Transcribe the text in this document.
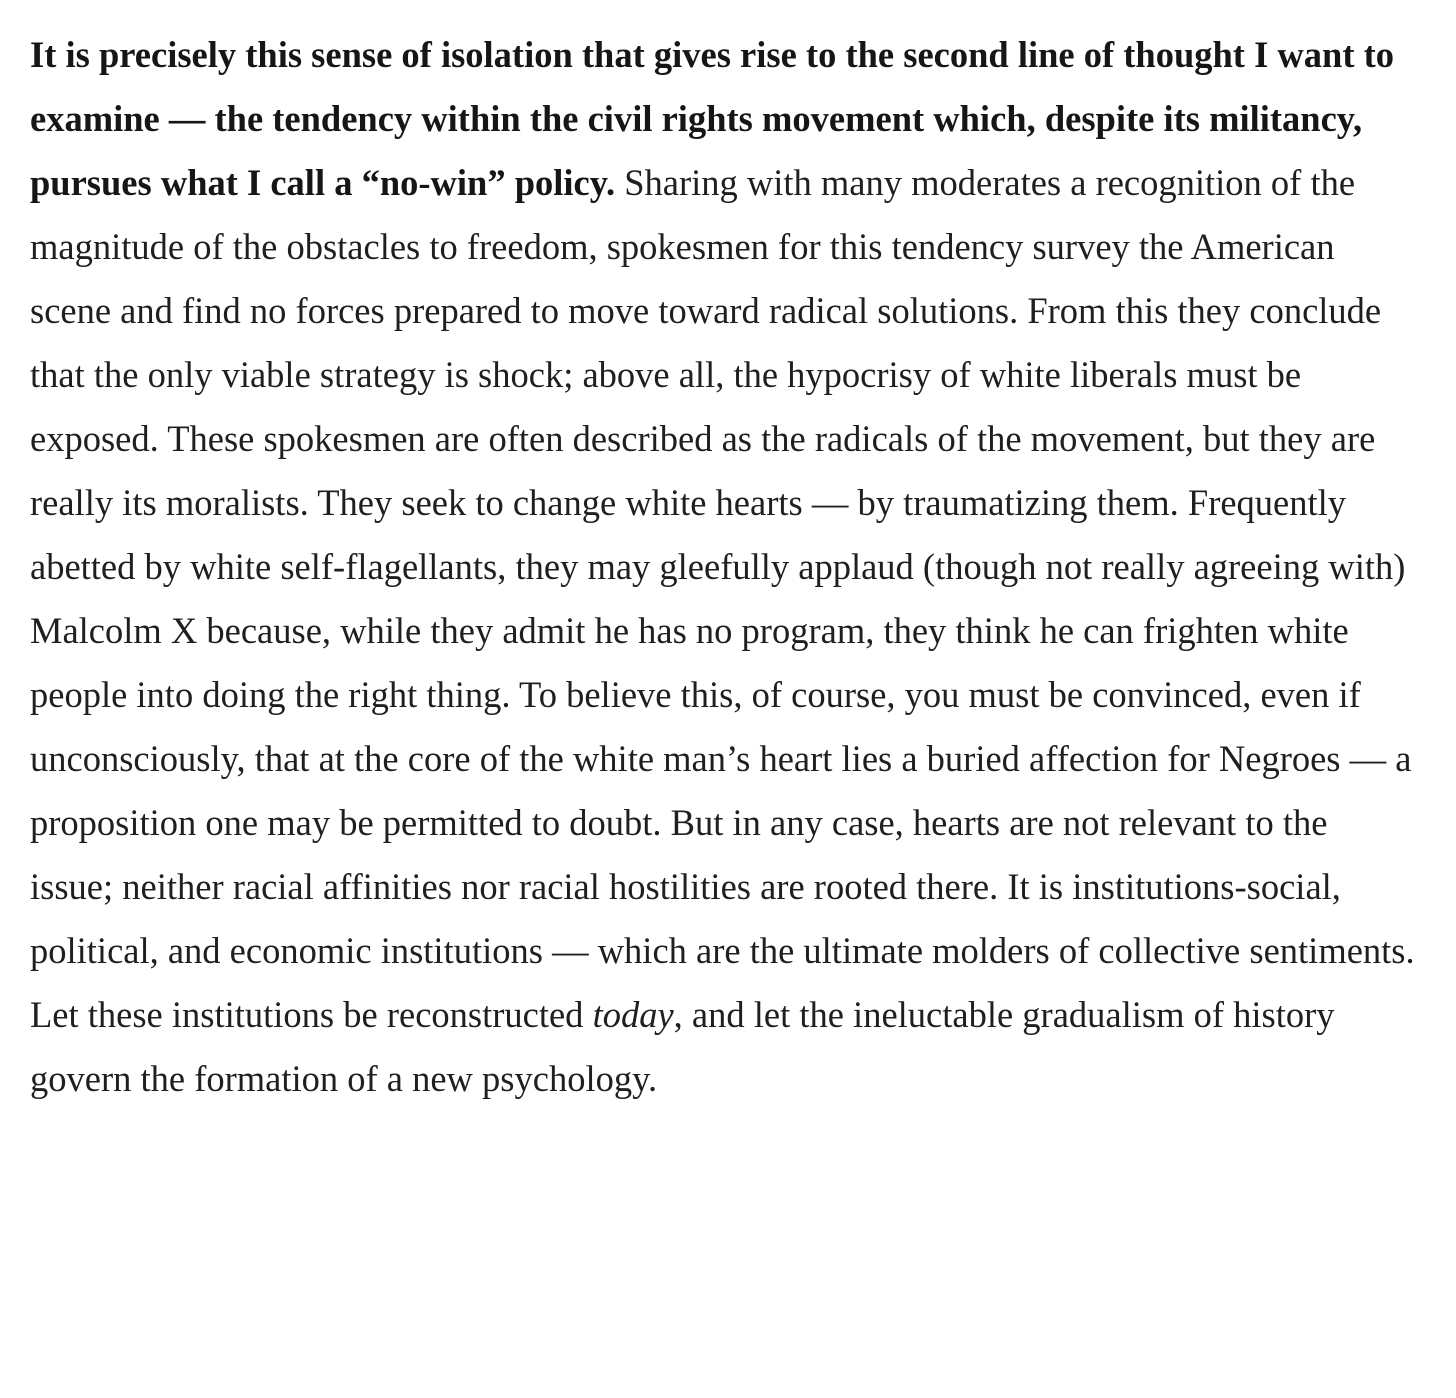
It is precisely this sense of isolation that gives rise to the second line of thought I want to examine — the tendency within the civil rights movement which, despite its militancy, pursues what I call a “no-win” policy. Sharing with many moderates a recognition of the magnitude of the obstacles to freedom, spokesmen for this tendency survey the American scene and find no forces prepared to move toward radical solutions. From this they conclude that the only viable strategy is shock; above all, the hypocrisy of white liberals must be exposed. These spokesmen are often described as the radicals of the movement, but they are really its moralists. They seek to change white hearts — by traumatizing them. Frequently abetted by white self-flagellants, they may gleefully applaud (though not really agreeing with) Malcolm X because, while they admit he has no program, they think he can frighten white people into doing the right thing. To believe this, of course, you must be convinced, even if unconsciously, that at the core of the white man’s heart lies a buried affection for Negroes — a proposition one may be permitted to doubt. But in any case, hearts are not relevant to the issue; neither racial affinities nor racial hostilities are rooted there. It is institutions-social, political, and economic institutions — which are the ultimate molders of collective sentiments. Let these institutions be reconstructed today, and let the ineluctable gradualism of history govern the formation of a new psychology.
